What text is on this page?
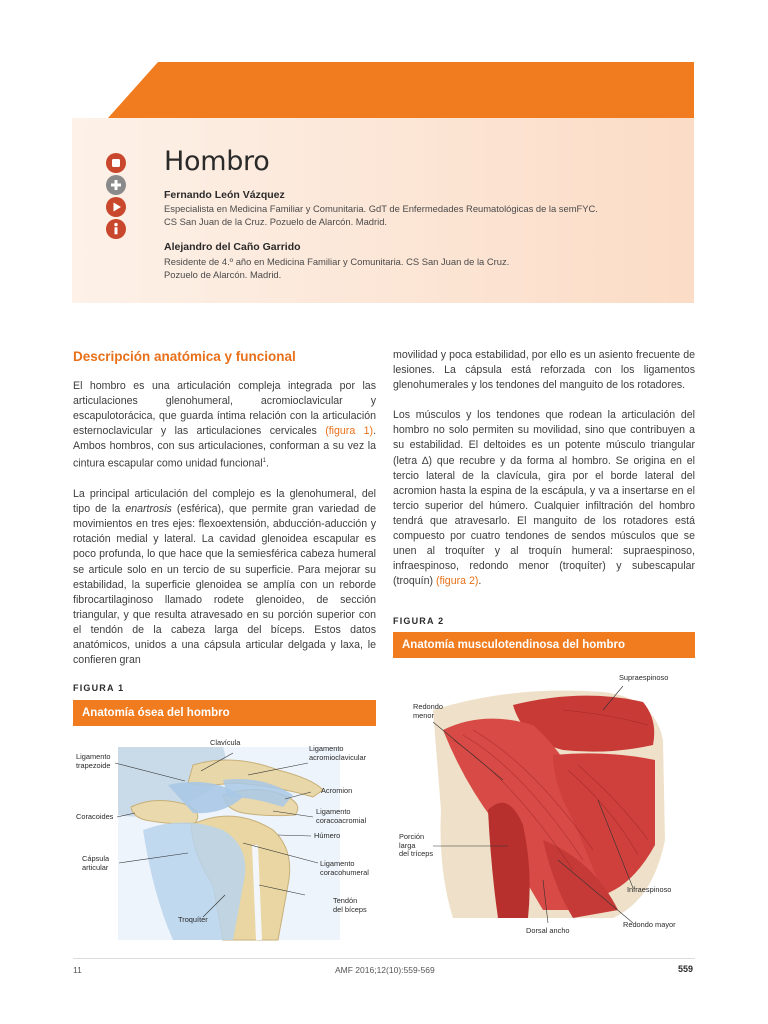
Hombro
Fernando León Vázquez
Especialista en Medicina Familiar y Comunitaria. GdT de Enfermedades Reumatológicas de la semFYC.
CS San Juan de la Cruz. Pozuelo de Alarcón. Madrid.
Alejandro del Caño Garrido
Residente de 4.º año en Medicina Familiar y Comunitaria. CS San Juan de la Cruz.
Pozuelo de Alarcón. Madrid.
Descripción anatómica y funcional

El hombro es una articulación compleja integrada por las articulaciones glenohumeral, acromioclavicular y escapulotorácica, que guarda íntima relación con la articulación esternoclavicular y las articulaciones cervicales (figura 1). Ambos hombros, con sus articulaciones, conforman a su vez la cintura escapular como unidad funcional$^1$.

La principal articulación del complejo es la glenohumeral, del tipo de la enartrosis (esférica), que permite gran variedad de movimientos en tres ejes: flexoextensión, abducción-aducción y rotación medial y lateral. La cavidad glenoidea escapular es poco profunda, lo que hace que la semiesférica cabeza humeral se articule solo en un tercio de su superficie. Para mejorar su estabilidad, la superficie glenoidea se amplía con un reborde fibrocartilaginoso llamado rodete glenoideo, de sección triangular, y que resulta atravesado en su porción superior con el tendón de la cabeza larga del bíceps. Estos datos anatómicos, unidos a una cápsula articular delgada y laxa, le confieren gran

movilidad y poca estabilidad, por ello es un asiento frecuente de lesiones. La cápsula está reforzada con los ligamentos glenohumerales y los tendones del manguito de los rotadores.

Los músculos y los tendones que rodean la articulación del hombro no solo permiten su movilidad, sino que contribuyen a su estabilidad. El deltoides es un potente músculo triangular (letra ∆) que recubre y da forma al hombro. Se origina en el tercio lateral de la clavícula, gira por el borde lateral del acromion hasta la espina de la escápula, y va a insertarse en el tercio superior del húmero. Cualquier infiltración del hombro tendrá que atravesarlo. El manguito de los rotadores está compuesto por cuatro tendones de sendos músculos que se unen al troquíter y al troquín humeral: supraespinoso, infraespinoso, redondo menor (troquíter) y subescapular (troquín) (figura 2).

FIGURA 1
Anatomía ósea del hombro
Clavícula
Ligamento
trapezoide
Ligamento
acromioclavicular
Acromion
Ligamento
coracoacromial
Coracoides
Húmero
Cápsula
articular	Ligamento
coracohumeral
Tendón
del bíceps
Troquíter
FIGURA 2
Anatomía musculotendinosa del hombro
Supraespinoso
Redondo
menor
Porción
larga
del tríceps
Infraespinoso
Redondo mayor
Dorsal ancho
11	AMF 2016;12(10):559-569	559
